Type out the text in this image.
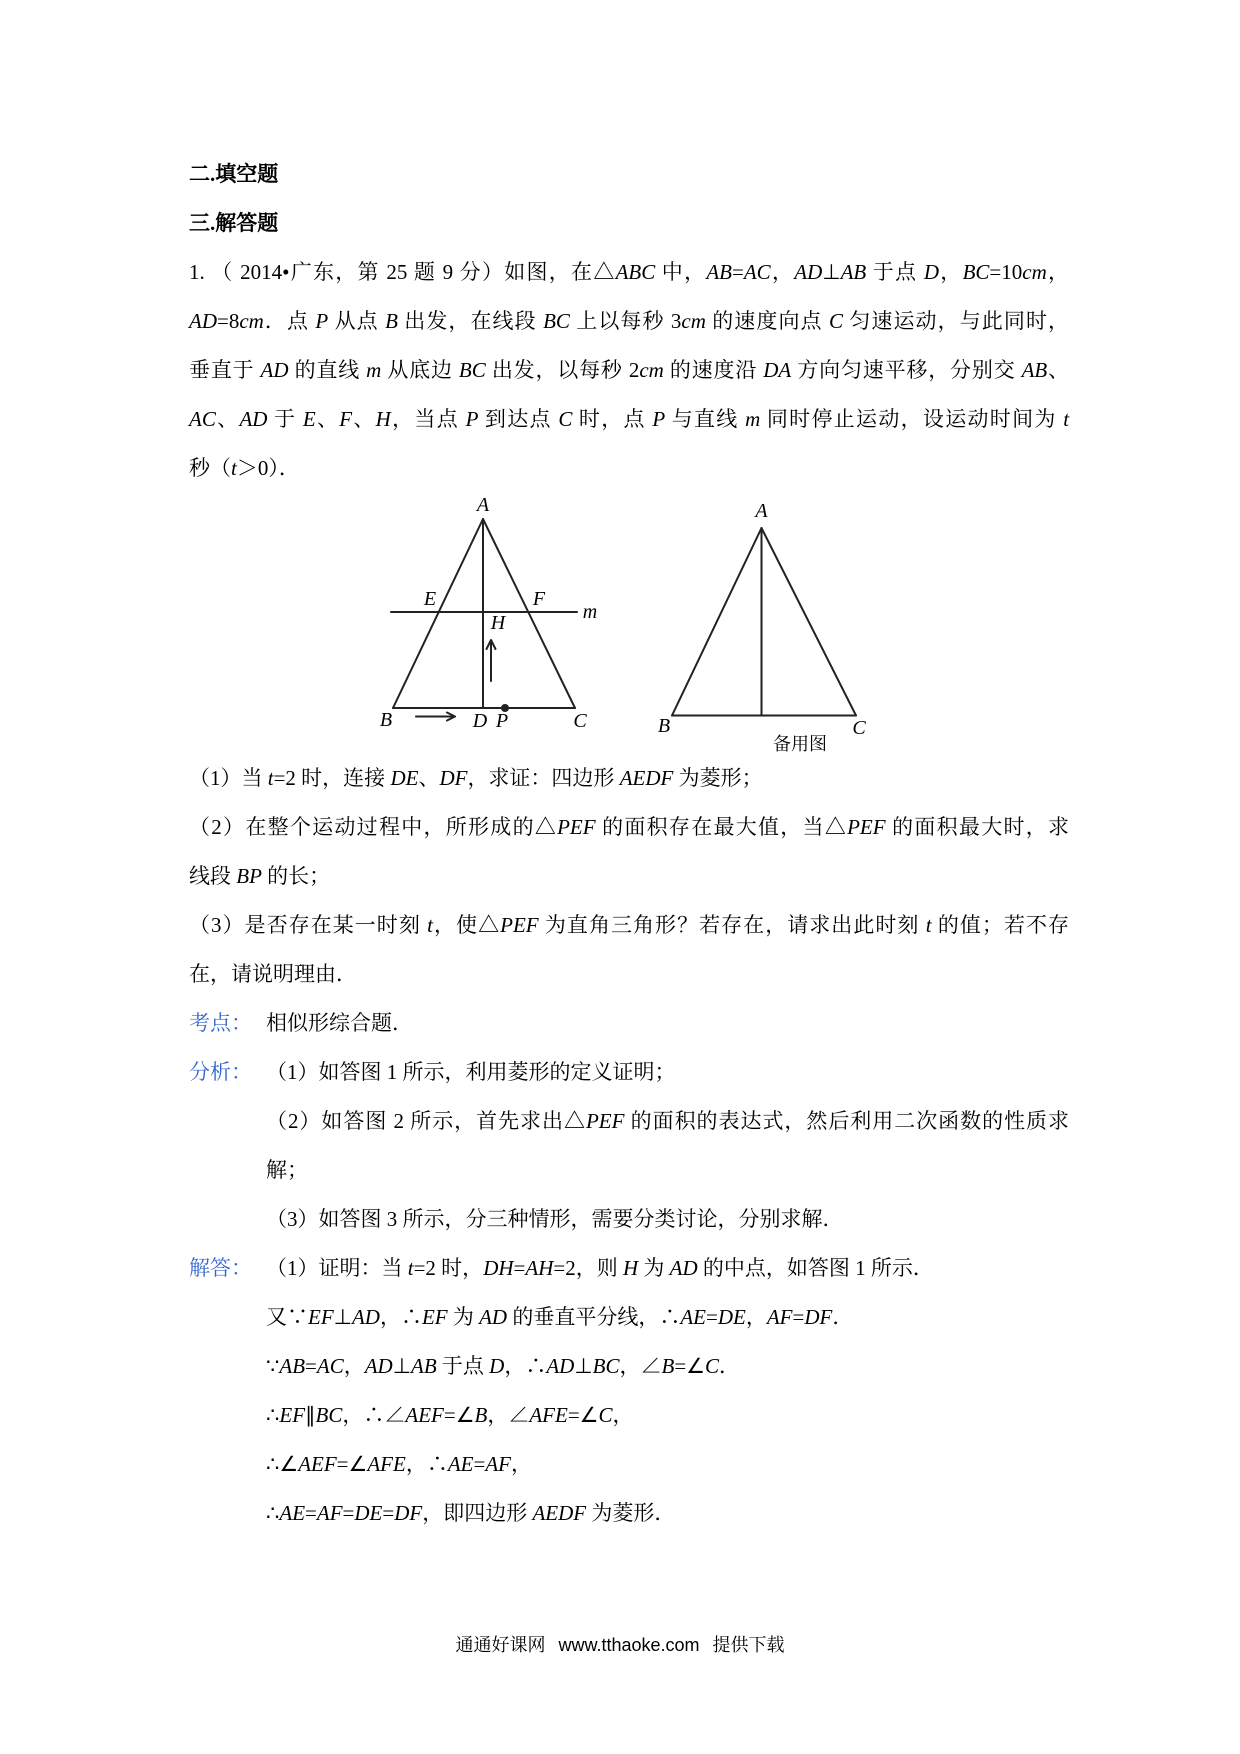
二.填空题
三.解答题
1. （ 2014•广东，第 25 题 9 分）如图，在△ABC 中，AB=AC，AD⊥AB 于点 D，BC=10cm，
AD=8cm．点 P 从点 B 出发，在线段 BC 上以每秒 3cm 的速度向点 C 匀速运动，与此同时，
垂直于 AD 的直线 m 从底边 BC 出发，以每秒 2cm 的速度沿 DA 方向匀速平移，分别交 AB、
AC、AD 于 E、F、H，当点 P 到达点 C 时，点 P 与直线 m 同时停止运动，设运动时间为 t
秒（t＞0）．
A
E	F
m
H
B	D P	C
A
B	C
备用图
（1）当 t=2 时，连接 DE、DF，求证：四边形 AEDF 为菱形；
（2）在整个运动过程中，所形成的△PEF 的面积存在最大值，当△PEF 的面积最大时，求
线段 BP 的长；
（3）是否存在某一时刻 t，使△PEF 为直角三角形？若存在，请求出此时刻 t 的值；若不存
在，请说明理由．
考点： 相似形综合题．
分析： （1）如答图 1 所示，利用菱形的定义证明；
（2）如答图 2 所示，首先求出△PEF 的面积的表达式，然后利用二次函数的性质求
解；
（3）如答图 3 所示，分三种情形，需要分类讨论，分别求解．
解答： （1）证明：当 t=2 时，DH=AH=2，则 H 为 AD 的中点，如答图 1 所示．
又∵EF⊥AD，∴EF 为 AD 的垂直平分线，∴AE=DE，AF=DF．
∵AB=AC，AD⊥AB 于点 D，∴AD⊥BC，∠B=∠C．
∴EF∥BC，∴∠AEF=∠B，∠AFE=∠C，
∴∠AEF=∠AFE，∴AE=AF，
∴AE=AF=DE=DF，即四边形 AEDF 为菱形．
通通好课网 www.tthaoke.com 提供下载
